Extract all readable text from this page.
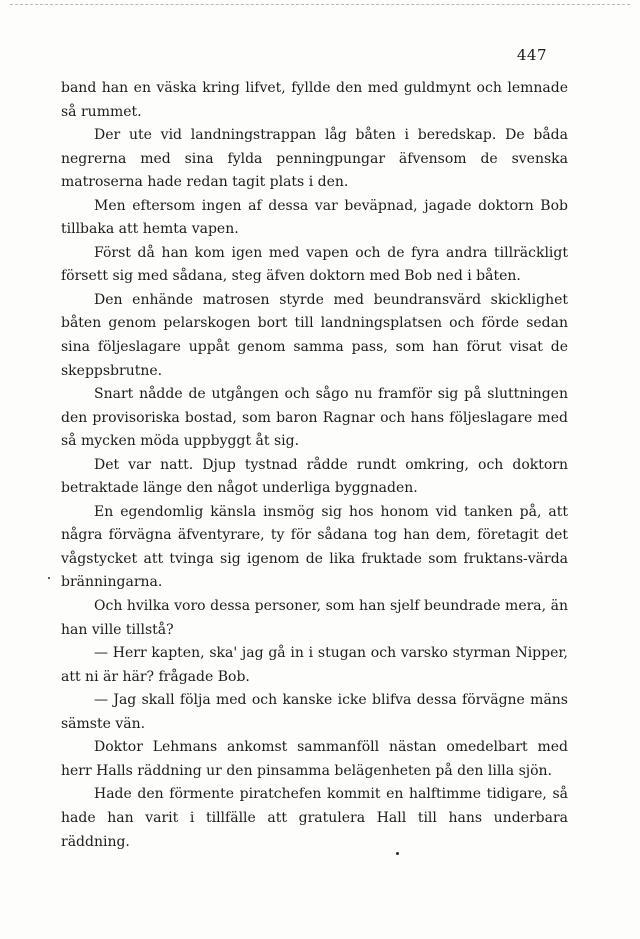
447

band han en väska kring lifvet, fyllde den med guldmynt och lemnade så rummet.

Der ute vid landningstrappan låg båten i beredskap. De båda negrerna med sina fylda penningpungar äfvensom de svenska matroserna hade redan tagit plats i den.

Men eftersom ingen af dessa var beväpnad, jagade doktorn Bob tillbaka att hemta vapen.

Först då han kom igen med vapen och de fyra andra tillräckligt försett sig med sådana, steg äfven doktorn med Bob ned i båten.

Den enhände matrosen styrde med beundransvärd skicklighet båten genom pelarskogen bort till landningsplatsen och förde sedan sina följeslagare uppåt genom samma pass, som han förut visat de skeppsbrutne.

Snart nådde de utgången och sågo nu framför sig på sluttningen den provisoriska bostad, som baron Ragnar och hans följeslagare med så mycken möda uppbyggt åt sig.

Det var natt. Djup tystnad rådde rundt omkring, och doktorn betraktade länge den något underliga byggnaden.

En egendomlig känsla insmög sig hos honom vid tanken på, att några förvägna äfventyrare, ty för sådana tog han dem, företagit det vågstycket att tvinga sig igenom de lika fruktade som fruktans-värda bränningarna.

Och hvilka voro dessa personer, som han sjelf beundrade mera, än han ville tillstå?

— Herr kapten, ska' jag gå in i stugan och varsko styrman Nipper, att ni är här? frågade Bob.

— Jag skall följa med och kanske icke blifva dessa förvägne mäns sämste vän.

Doktor Lehmans ankomst sammanföll nästan omedelbart med herr Halls räddning ur den pinsamma belägenheten på den lilla sjön.

Hade den förmente piratchefen kommit en halftimme tidigare, så hade han varit i tillfälle att gratulera Hall till hans underbara räddning.
